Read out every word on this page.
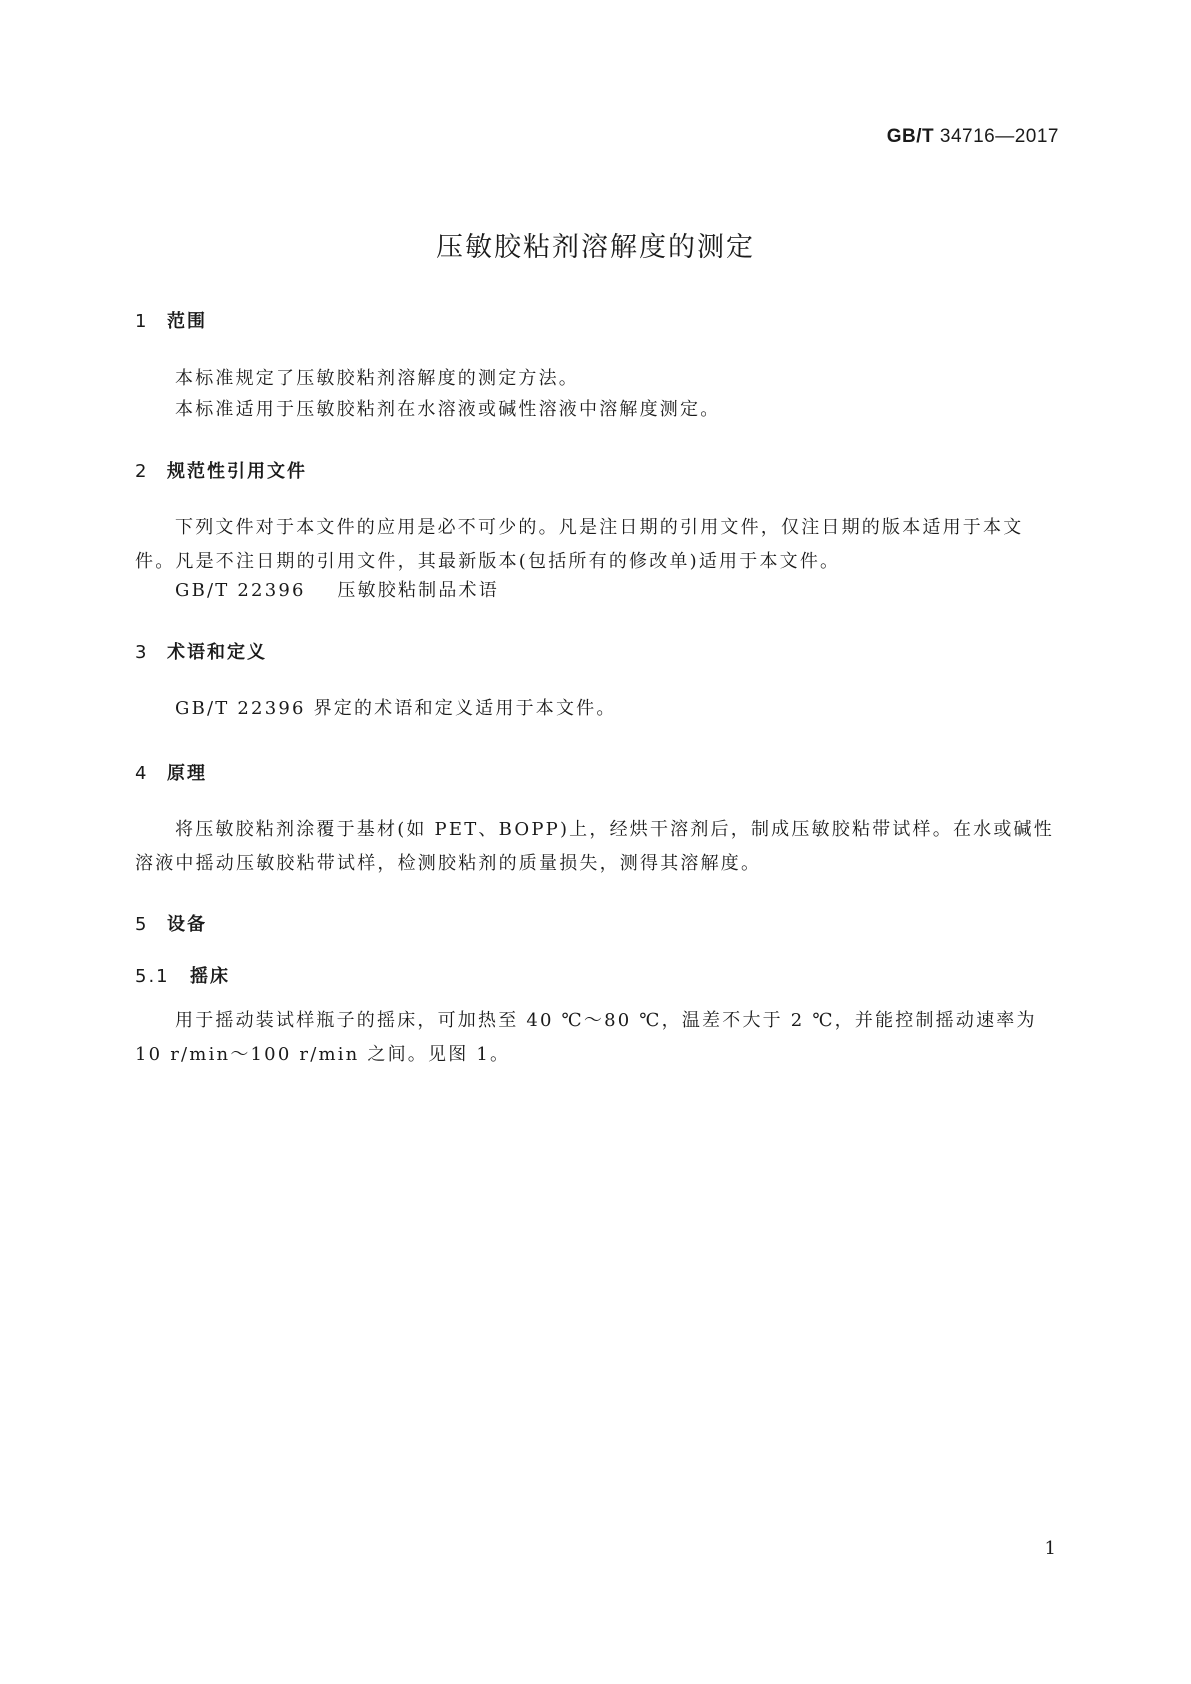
GB/T 34716—2017
压敏胶粘剂溶解度的测定
1 范围
本标准规定了压敏胶粘剂溶解度的测定方法。
本标准适用于压敏胶粘剂在水溶液或碱性溶液中溶解度测定。
2 规范性引用文件
下列文件对于本文件的应用是必不可少的。凡是注日期的引用文件，仅注日期的版本适用于本文
件。凡是不注日期的引用文件，其最新版本(包括所有的修改单)适用于本文件。
GB/T 22396 压敏胶粘制品术语
3 术语和定义
GB/T 22396 界定的术语和定义适用于本文件。
4 原理
将压敏胶粘剂涂覆于基材(如 PET、BOPP)上，经烘干溶剂后，制成压敏胶粘带试样。在水或碱性
溶液中摇动压敏胶粘带试样，检测胶粘剂的质量损失，测得其溶解度。
5 设备
5.1 摇床
用于摇动装试样瓶子的摇床，可加热至 40 ℃～80 ℃，温差不大于 2 ℃，并能控制摇动速率为
10 r/min～100 r/min 之间。见图 1。
1
